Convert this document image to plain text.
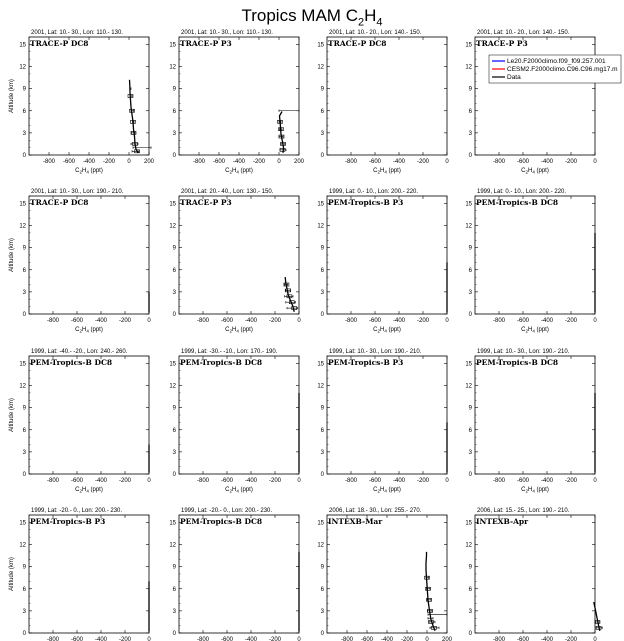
Tropics MAM $C_2H_4$
2001, Lat: 10.- 30., Lon: 110.- 130.
TRACE-P DC8
0
3
6
9
12
15
-800 -600 -400 -200 0 200
$C_2H_4$ (ppt)
Altitude (km)
2001, Lat: 10.- 30., Lon: 110.- 130.
TRACE-P P3
0
3
6
9
12
15
-800 -600 -400 -200 0 200
$C_2H_4$ (ppt)
2001, Lat: 10.- 20., Lon: 140.- 150.
TRACE-P DC8
0
3
6
9
12
15
-800 -600 -400 -200	0
$C_2H_4$ (ppt)
2001, Lat: 10.- 20., Lon: 140.- 150.
TRACE-P P3
0
3
6
9
12
15
-800 -600 -400 -200	0
$C_2H_4$ (ppt)
Le20.F2000climo.f09_f09.257.001
CESM2.F2000climo.C96.C96.mg17.m
Data
2001, Lat: 10.- 30., Lon: 190.- 210.
TRACE-P DC8
0
3
6
9
12
15
-800 -600 -400 -200	0
$C_2H_4$ (ppt)
Altitude (km)
2001, Lat: 20.- 40., Lon: 130.- 150.
TRACE-P P3
0
3
6
9
12
15
-800 -600 -400 -200	0
$C_2H_4$ (ppt)
1999, Lat: 0.- 10., Lon: 200.- 220.
PEM-Tropics-B P3
0
3
6
9
12
15
-800 -600 -400 -200	0
$C_2H_4$ (ppt)
1999, Lat: 0.- 10., Lon: 200.- 220.
PEM-Tropics-B DC8
0
3
6
9
12
15
-800 -600 -400 -200	0
$C_2H_4$ (ppt)
1999, Lat: -40.- -20., Lon: 240.- 260.
PEM-Tropics-B DC8
0
3
6
9
12
15
-800 -600 -400 -200	0
$C_2H_4$ (ppt)
Altitude (km)
1999, Lat: -30.- -10., Lon: 170.- 190.
PEM-Tropics-B DC8
0
3
6
9
12
15
-800 -600 -400 -200	0
$C_2H_4$ (ppt)
1999, Lat: 10.- 30., Lon: 190.- 210.
PEM-Tropics-B P3
0
3
6
9
12
15
-800 -600 -400 -200	0
$C_2H_4$ (ppt)
1999, Lat: 10.- 30., Lon: 190.- 210.
PEM-Tropics-B DC8
0
3
6
9
12
15
-800 -600 -400 -200	0
$C_2H_4$ (ppt)
1999, Lat: -20.- 0., Lon: 200.- 230.
PEM-Tropics-B P3
0
3
6
9
12
15
-800 -600 -400 -200	0
Altitude (km)
1999, Lat: -20.- 0., Lon: 200.- 230.
PEM-Tropics-B DC8
0
3
6
9
12
15
-800 -600 -400 -200	0
2006, Lat: 18.- 30., Lon: 255.- 270.
INTEXB-Mar
0
3
6
9
12
15
-800 -600 -400 -200 0 200
2006, Lat: 15.- 25., Lon: 190.- 210.
INTEXB-Apr
0
3
6
9
12
15
-800 -600 -400 -200	0
